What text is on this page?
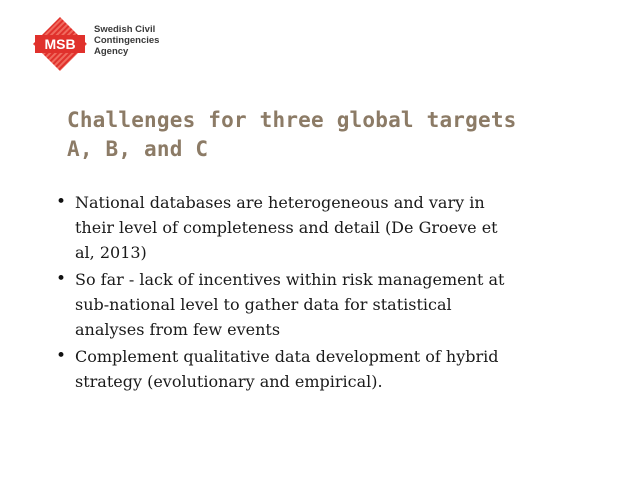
MSB
Swedish Civil
Contingencies
Agency
Challenges for three global targets
A, B, and C
• National databases are heterogeneous and vary in
their level of completeness and detail (De Groeve et
al, 2013)
• So far - lack of incentives within risk management at
sub-national level to gather data for statistical
analyses from few events
• Complement qualitative data development of hybrid
strategy (evolutionary and empirical).
